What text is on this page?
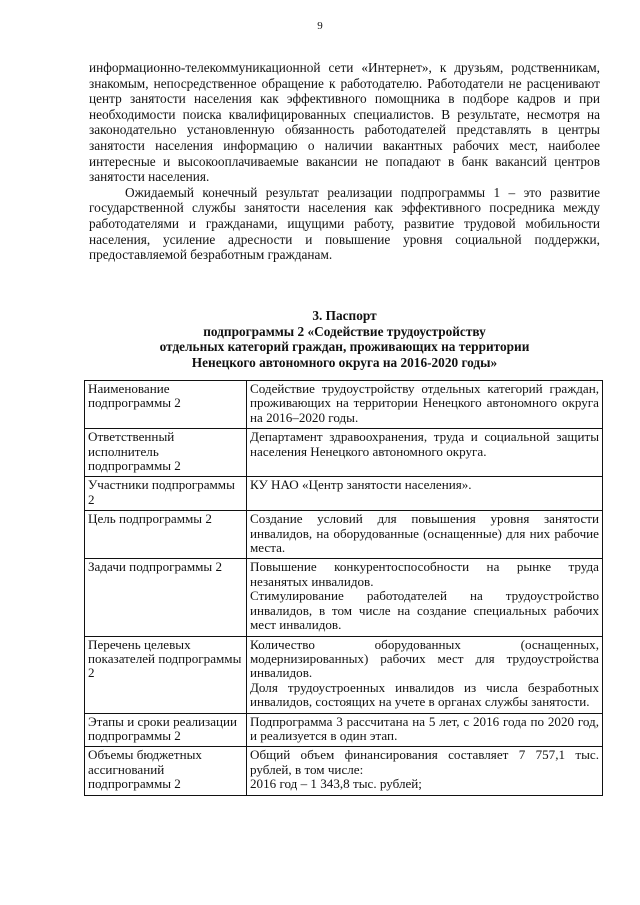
9

информационно-телекоммуникационной сети «Интернет», к друзьям, родственникам, знакомым, непосредственное обращение к работодателю. Работодатели не расценивают центр занятости населения как эффективного помощника в подборе кадров и при необходимости поиска квалифицированных специалистов. В результате, несмотря на законодательно установленную обязанность работодателей представлять в центры занятости населения информацию о наличии вакантных рабочих мест, наиболее интересные и высокооплачиваемые вакансии не попадают в банк вакансий центров занятости населения.

Ожидаемый конечный результат реализации подпрограммы 1 – это развитие государственной службы занятости населения как эффективного посредника между работодателями и гражданами, ищущими работу, развитие трудовой мобильности населения, усиление адресности и повышение уровня социальной поддержки, предоставляемой безработным гражданам.

3. Паспорт
подпрограммы 2 «Содействие трудоустройству
отдельных категорий граждан, проживающих на территории
Ненецкого автономного округа на 2016-2020 годы»
Наименование подпрограммы 2	Содействие трудоустройству отдельных категорий граждан, проживающих на территории Ненецкого автономного округа на 2016–2020 годы.

Ответственный исполнитель подпрограммы 2	Департамент здравоохранения, труда и социальной защиты населения Ненецкого автономного округа.

Участники подпрограммы 2	КУ НАО «Центр занятости населения».

Цель подпрограммы 2	Создание условий для повышения уровня занятости инвалидов, на оборудованные (оснащенные) для них рабочие места.

Задачи подпрограммы 2	Повышение конкурентоспособности на рынке труда незанятых инвалидов.
Стимулирование работодателей на трудоустройство инвалидов, в том числе на создание специальных рабочих мест инвалидов.

Перечень целевых показателей подпрограммы 2	Количество оборудованных (оснащенных, модернизированных) рабочих мест для трудоустройства инвалидов.
Доля трудоустроенных инвалидов из числа безработных инвалидов, состоящих на учете в органах службы занятости.

Этапы и сроки реализации подпрограммы 2	Подпрограмма 3 рассчитана на 5 лет, с 2016 года по 2020 год, и реализуется в один этап.

Объемы бюджетных ассигнований подпрограммы 2	Общий объем финансирования составляет 7 757,1 тыс. рублей, в том числе:
2016 год – 1 343,8 тыс. рублей;
